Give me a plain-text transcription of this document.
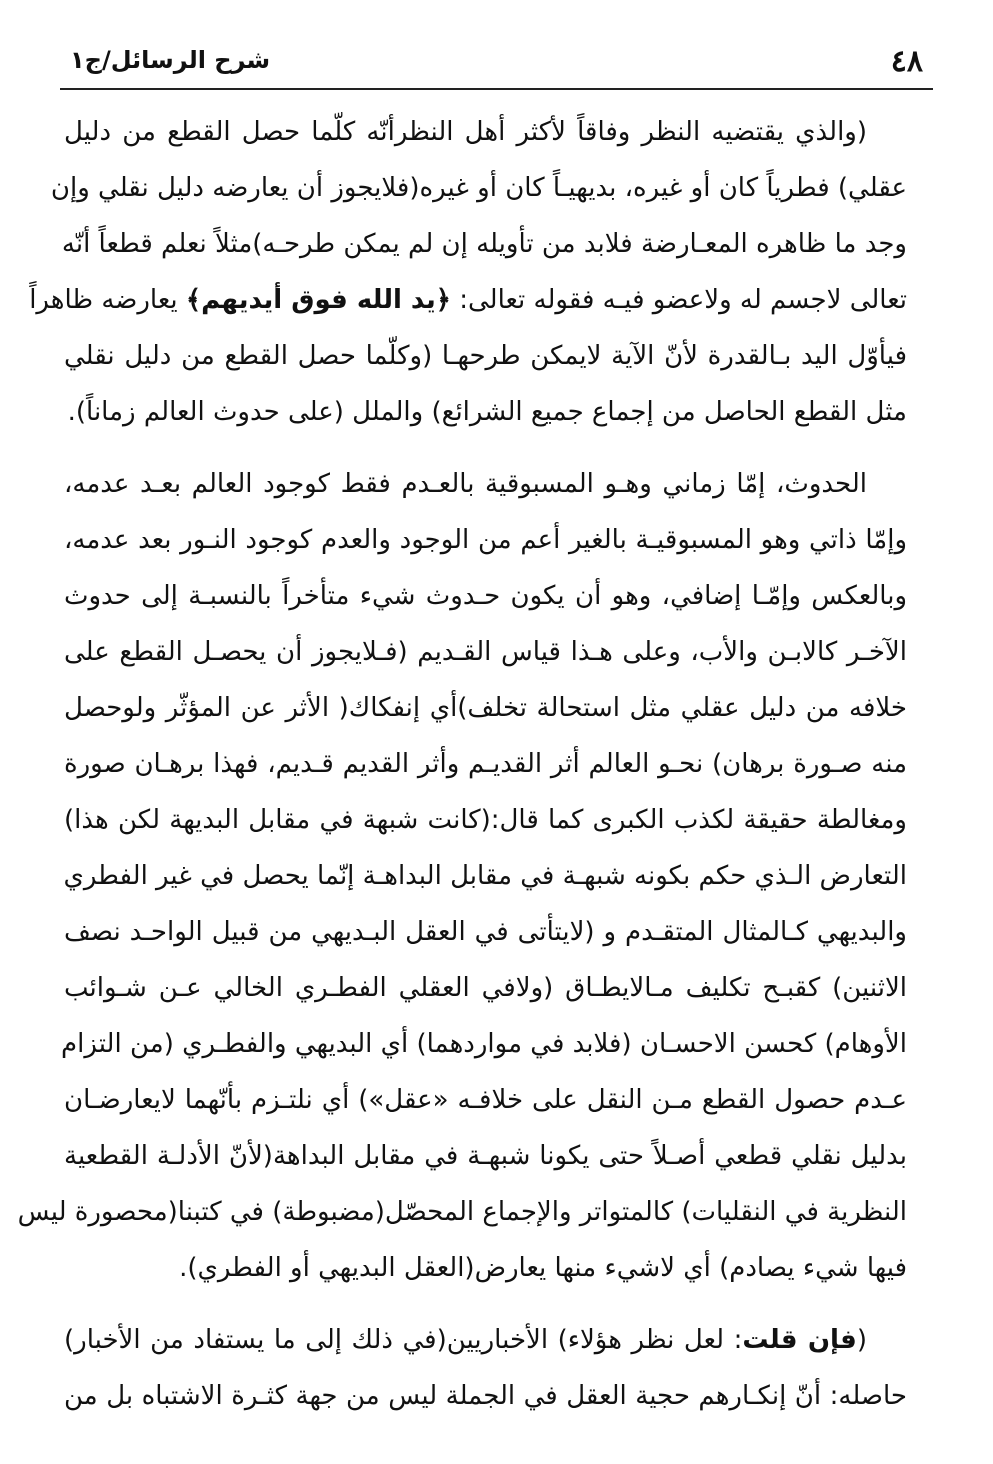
٤٨
شرح الرسائل/ج١
(والذي يقتضيه النظر وفاقاً لأكثر أهل النظرأنّه كلّما حصل القطع من دليل
عقلي) فطرياً كان أو غيره، بديهيـاً كان أو غيره(فلايجوز أن يعارضه دليل نقلي وإن
وجد ما ظاهره المعـارضة فلابد من تأويله إن لم يمكن طرحـه)مثلاً نعلم قطعاً أنّه
تعالى لاجسم له ولاعضو فيـه فقوله تعالى: ﴿يد الله فوق أيديهم﴾ يعارضه ظاهراً
فيأوّل اليد بـالقدرة لأنّ الآية لايمكن طرحهـا (وكلّما حصل القطع من دليل نقلي
مثل القطع الحاصل من إجماع جميع الشرائع) والملل (على حدوث العالم زماناً).
الحدوث، إمّا زماني وهـو المسبوقية بالعـدم فقط كوجود العالم بعـد عدمه،
وإمّا ذاتي وهو المسبوقيـة بالغير أعم من الوجود والعدم كوجود النـور بعد عدمه،
وبالعكس وإمّـا إضافي، وهو أن يكون حـدوث شيء متأخراً بالنسبـة إلى حدوث
الآخـر كالابـن والأب، وعلى هـذا قياس القـديم (فـلايجوز أن يحصـل القطع على
خلافه من دليل عقلي مثل استحالة تخلف)أي إنفكاك( الأثر عن المؤثّر ولوحصل
منه صـورة برهان) نحـو العالم أثر القديـم وأثر القديم قـديم، فهذا برهـان صورة
ومغالطة حقيقة لكذب الكبرى كما قال:(كانت شبهة في مقابل البديهة لكن هذا)
التعارض الـذي حكم بكونه شبهـة في مقابل البداهـة إنّما يحصل في غير الفطري
والبديهي كـالمثال المتقـدم و (لايتأتى في العقل البـديهي من قبيل الواحـد نصف
الاثنين) كقبـح تكليف مـالايطـاق (ولافي العقلي الفطـري الخالي عـن شـوائب
الأوهام) كحسن الاحسـان (فلابد في مواردهما) أي البديهي والفطـري (من التزام
عـدم حصول القطع مـن النقل على خلافـه «عقل») أي نلتـزم بأنّهما لايعارضـان
بدليل نقلي قطعي أصـلاً حتى يكونا شبهـة في مقابل البداهة(لأنّ الأدلـة القطعية
النظرية في النقليات) كالمتواتر والإجماع المحصّل(مضبوطة) في كتبنا(محصورة ليس
فيها شيء يصادم) أي لاشيء منها يعارض(العقل البديهي أو الفطري).
(فإن قلت: لعل نظر هؤلاء) الأخباريين(في ذلك إلى ما يستفاد من الأخبار)
حاصله: أنّ إنكـارهم حجية العقل في الجملة ليس من جهة كثـرة الاشتباه بل من
